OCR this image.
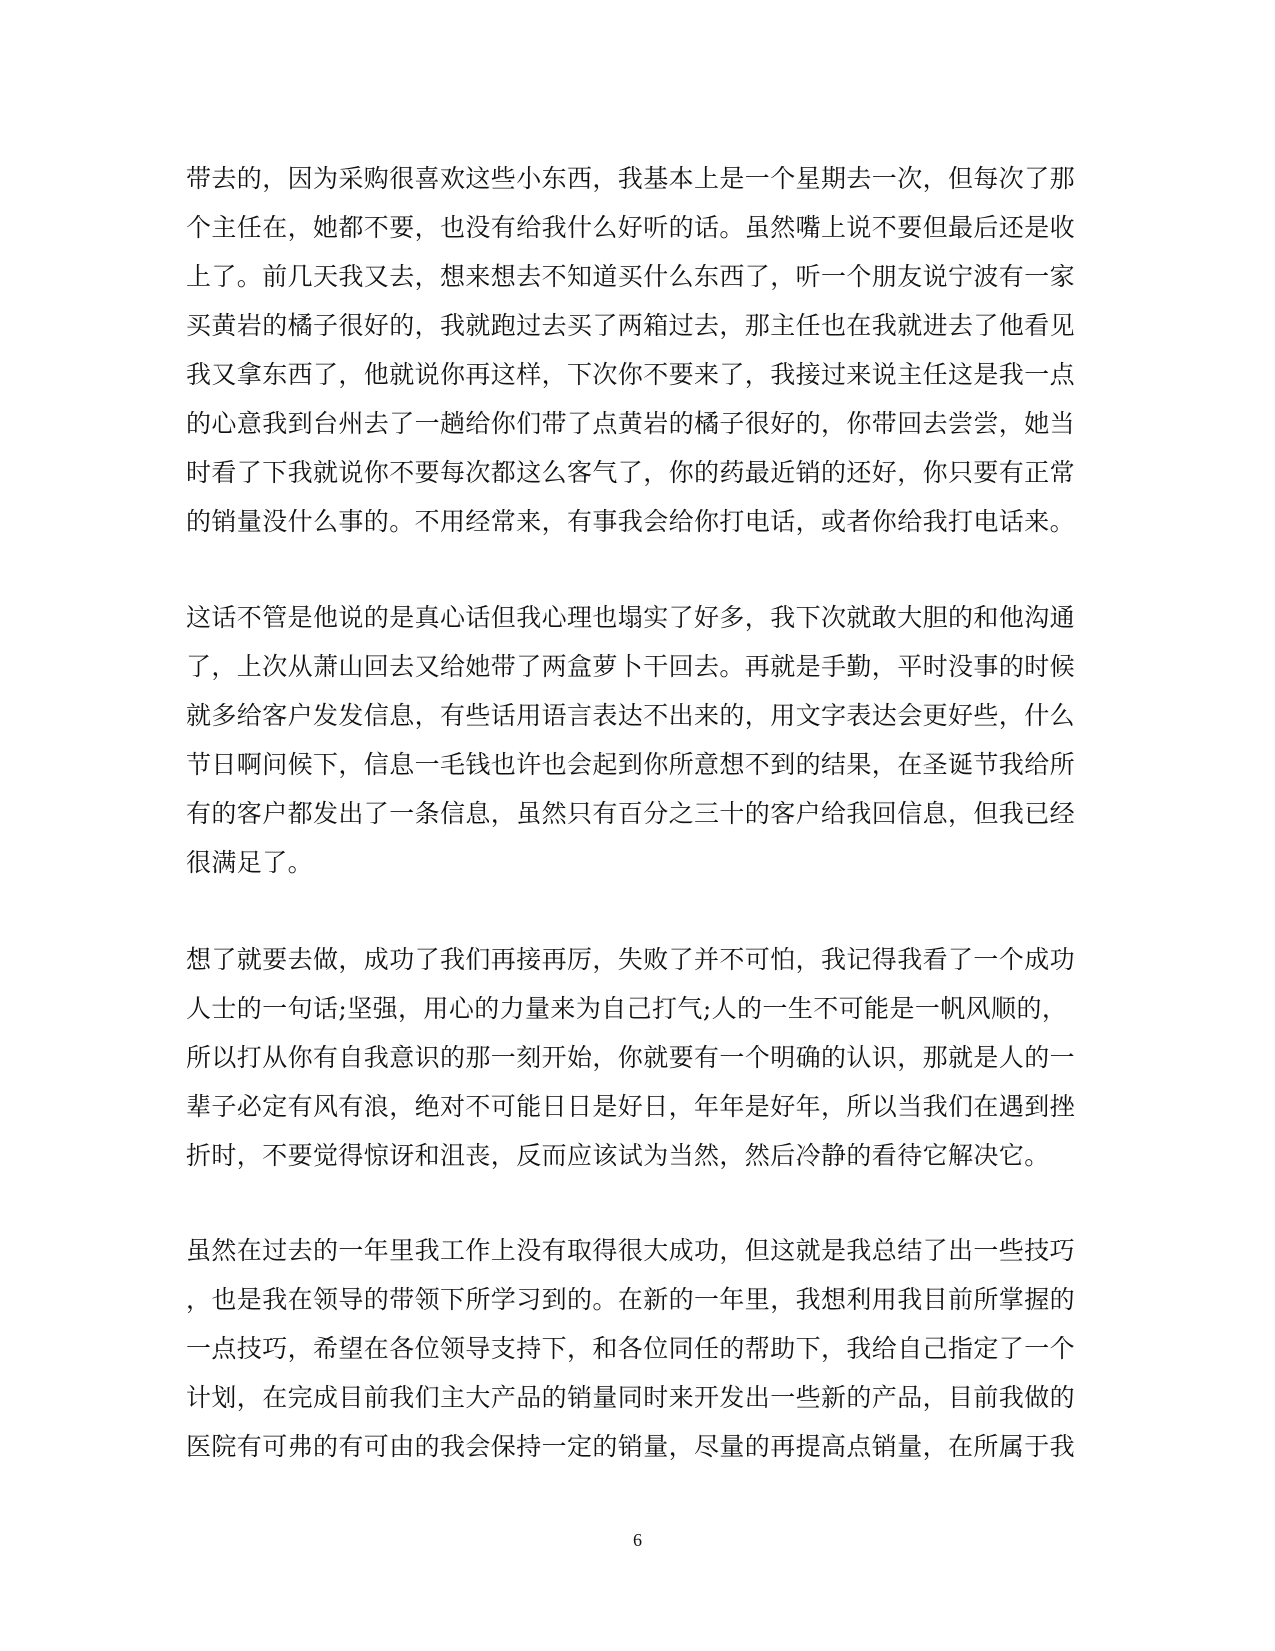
带去的，因为采购很喜欢这些小东西，我基本上是一个星期去一次，但每次了那
个主任在，她都不要，也没有给我什么好听的话。虽然嘴上说不要但最后还是收
上了。前几天我又去，想来想去不知道买什么东西了，听一个朋友说宁波有一家
买黄岩的橘子很好的，我就跑过去买了两箱过去，那主任也在我就进去了他看见
我又拿东西了，他就说你再这样，下次你不要来了，我接过来说主任这是我一点
的心意我到台州去了一趟给你们带了点黄岩的橘子很好的，你带回去尝尝，她当
时看了下我就说你不要每次都这么客气了，你的药最近销的还好，你只要有正常
的销量没什么事的。不用经常来，有事我会给你打电话，或者你给我打电话来。
这话不管是他说的是真心话但我心理也塌实了好多，我下次就敢大胆的和他沟通
了，上次从萧山回去又给她带了两盒萝卜干回去。再就是手勤，平时没事的时候
就多给客户发发信息，有些话用语言表达不出来的，用文字表达会更好些，什么
节日啊问候下，信息一毛钱也许也会起到你所意想不到的结果，在圣诞节我给所
有的客户都发出了一条信息，虽然只有百分之三十的客户给我回信息，但我已经
很满足了。
想了就要去做，成功了我们再接再厉，失败了并不可怕，我记得我看了一个成功
人士的一句话;坚强，用心的力量来为自己打气;人的一生不可能是一帆风顺的，
所以打从你有自我意识的那一刻开始，你就要有一个明确的认识，那就是人的一
辈子必定有风有浪，绝对不可能日日是好日，年年是好年，所以当我们在遇到挫
折时，不要觉得惊讶和沮丧，反而应该试为当然，然后冷静的看待它解决它。
虽然在过去的一年里我工作上没有取得很大成功，但这就是我总结了出一些技巧
，也是我在领导的带领下所学习到的。在新的一年里，我想利用我目前所掌握的
一点技巧，希望在各位领导支持下，和各位同任的帮助下，我给自己指定了一个
计划，在完成目前我们主大产品的销量同时来开发出一些新的产品，目前我做的
医院有可弗的有可由的我会保持一定的销量，尽量的再提高点销量，在所属于我
6
